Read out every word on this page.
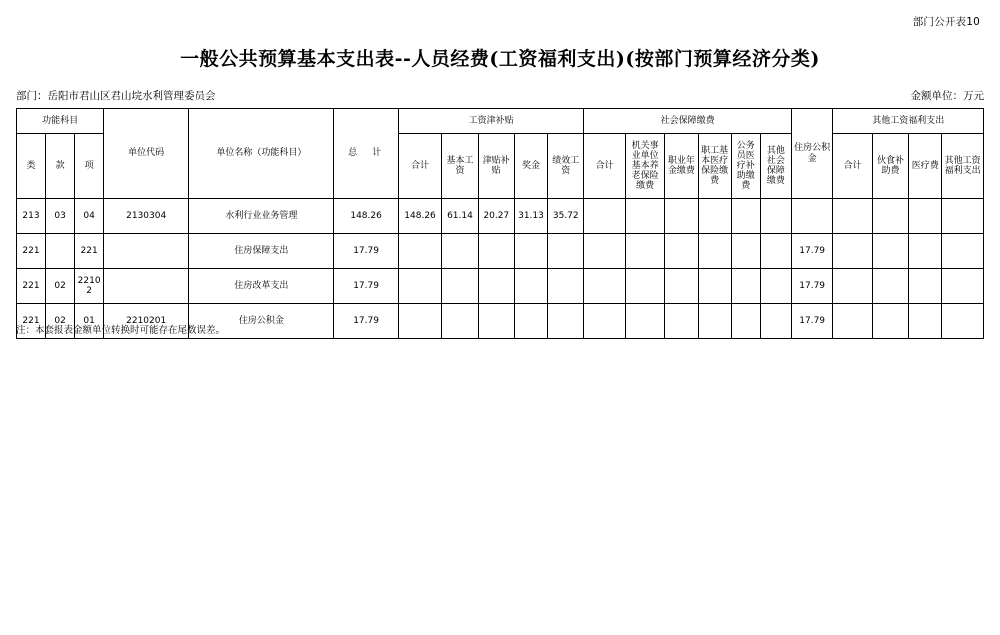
部门公开表10
一般公共预算基本支出表--人员经费(工资福利支出)(按部门预算经济分类)
部门：岳阳市君山区君山垸水利管理委员会	金额单位：万元
功能科目			单位代码	单位名称（功能科目）	总　计	工资津补贴					社会保障缴费						住房公积金	其他工资福利支出			
类	款	项				合计	基本工资	津贴补贴	奖金	绩效工资	合计	机关事业单位基本养老保险缴费	职业年金缴费	职工基本医疗保险缴费	公务员医疗补助缴费	其他社会保障缴费		合计	伙食补助费	医疗费	其他工资福利支出
213	03	04	2130304	水利行业业务管理	148.26	148.26	61.14	20.27	31.13	35.72											
221		221		住房保障支出	17.79												17.79				
221	02	22102		住房改革支出	17.79												17.79				
221	02	01	2210201	住房公积金	17.79												17.79				
注：本套报表金额单位转换时可能存在尾数误差。
